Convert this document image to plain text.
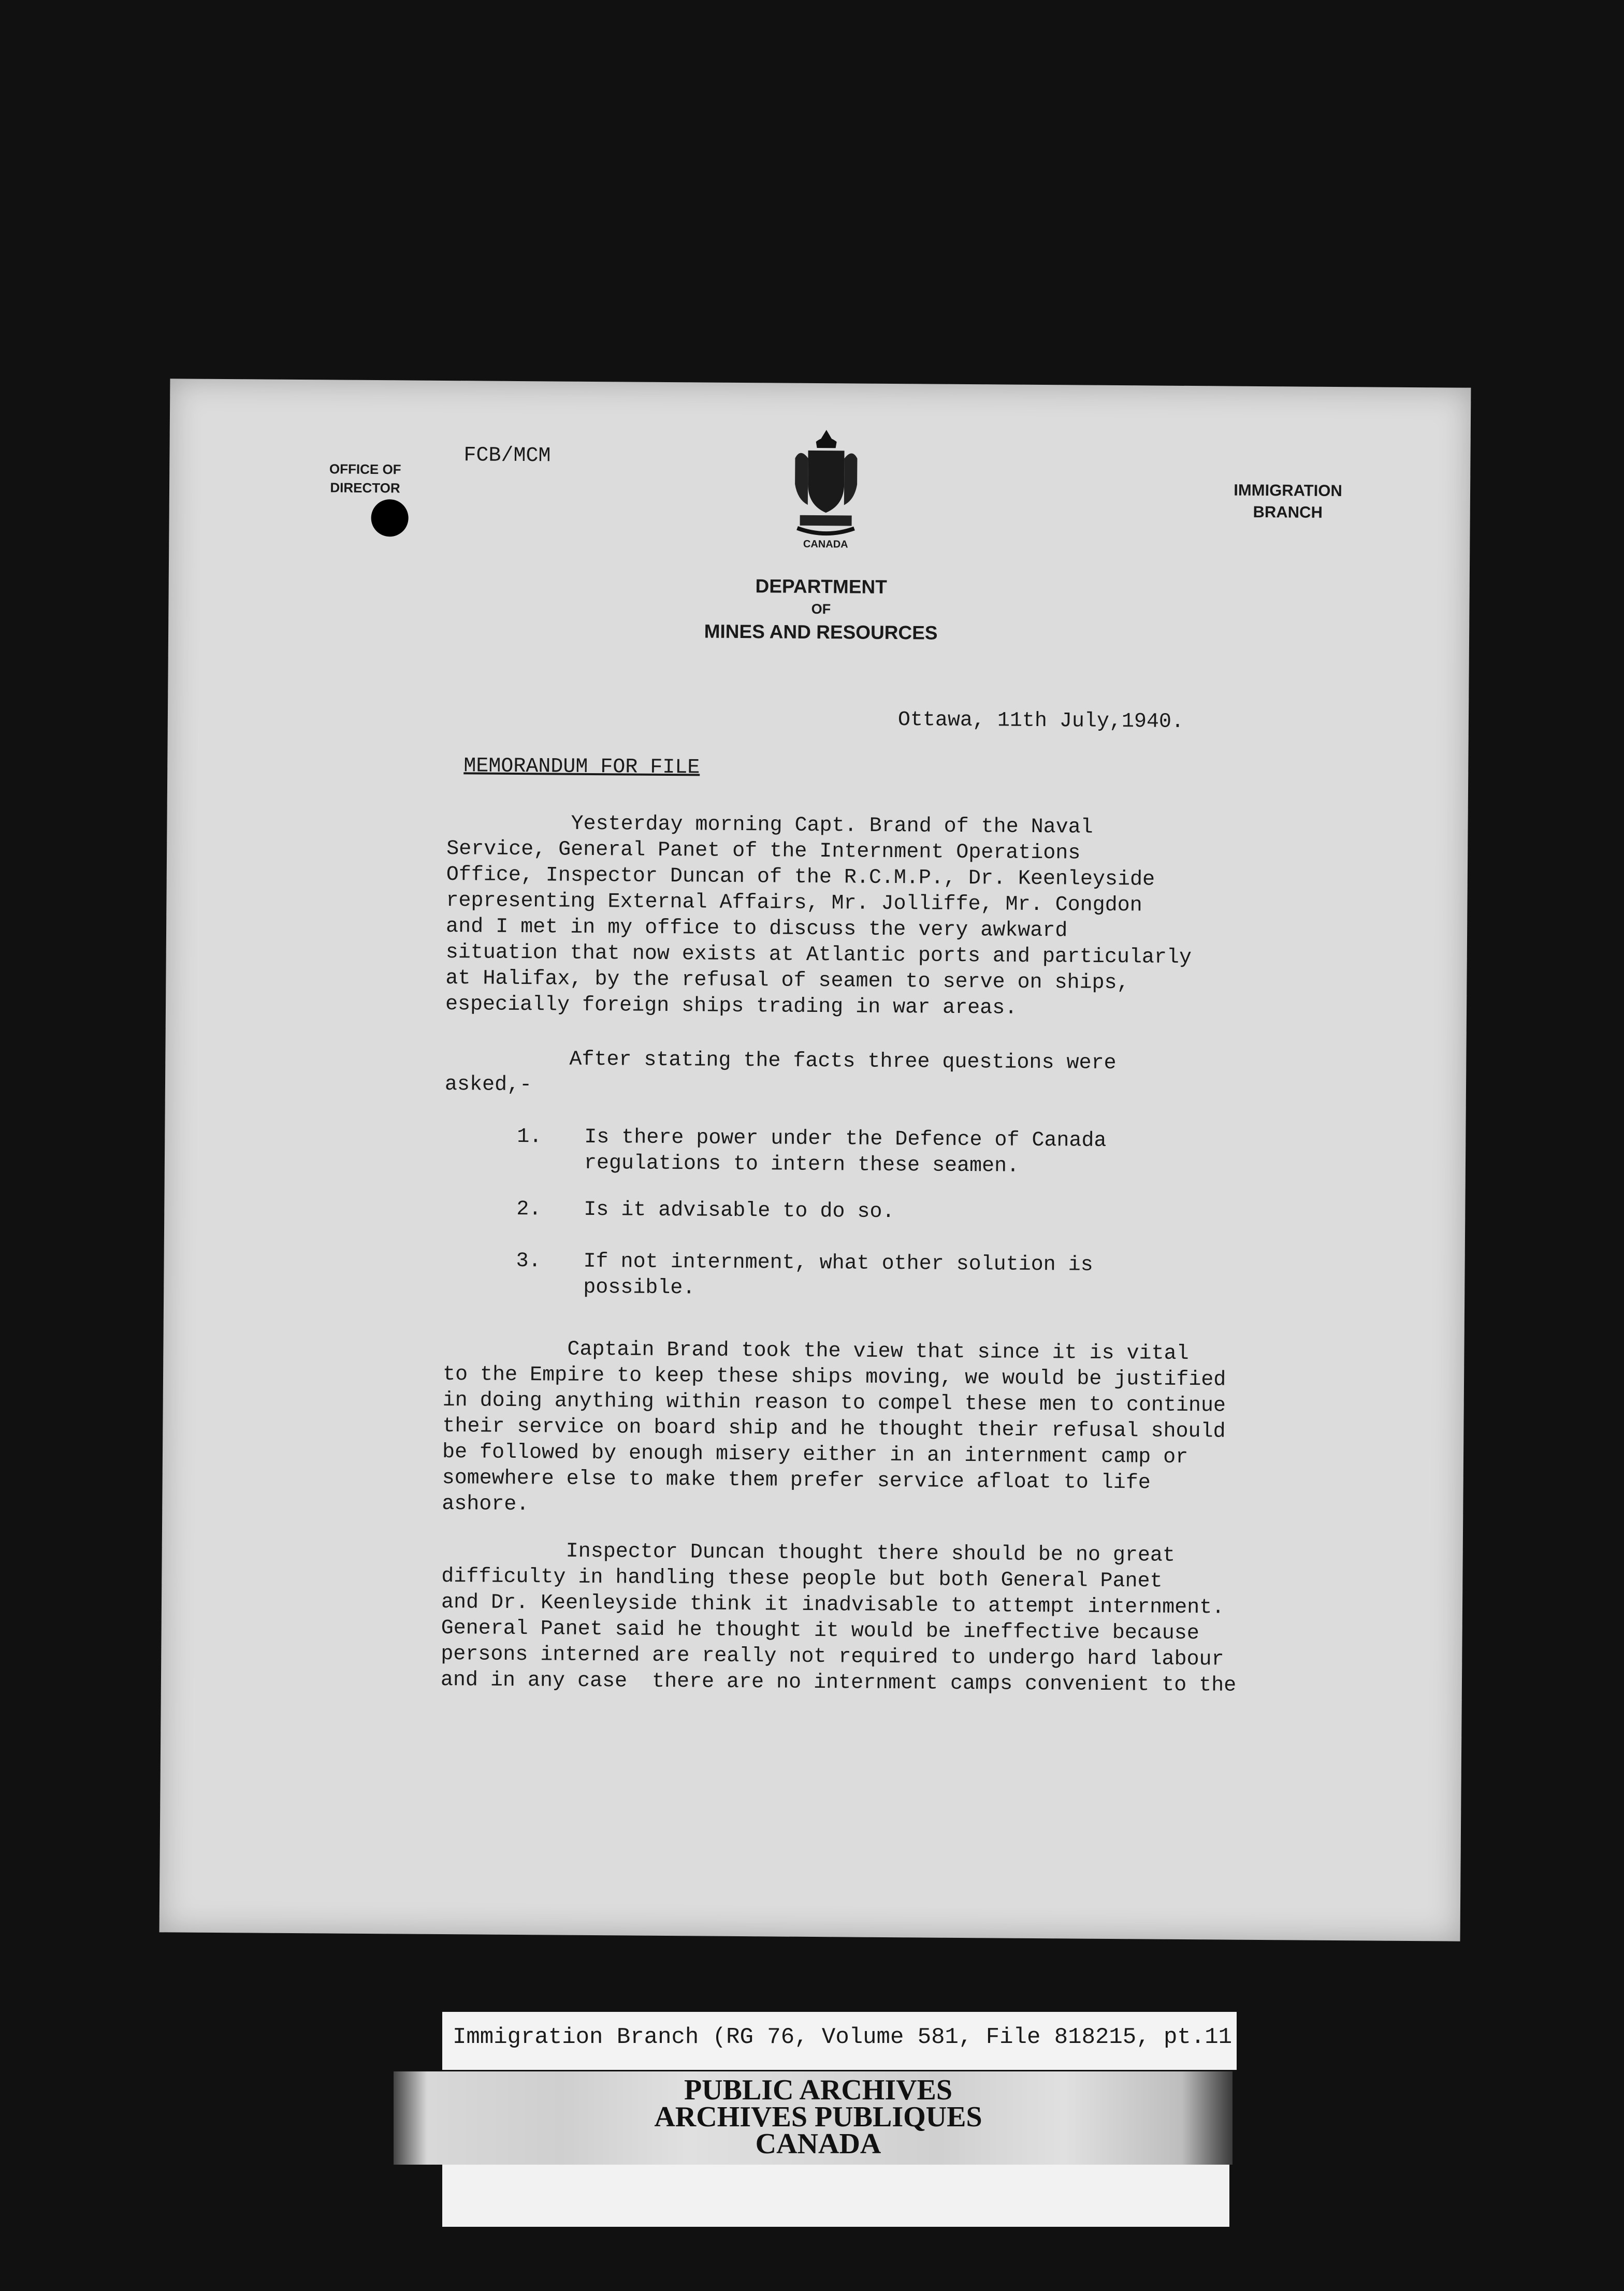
OFFICE OF DIRECTOR
FCB/MCM
CANADA
DEPARTMENT
OF
MINES AND RESOURCES
IMMIGRATION BRANCH
Ottawa, 11th July,1940.
MEMORANDUM FOR FILE
Yesterday morning Capt. Brand of the Naval
Service, General Panet of the Internment Operations
Office, Inspector Duncan of the R.C.M.P., Dr. Keenleyside
representing External Affairs, Mr. Jolliffe, Mr. Congdon
and I met in my office to discuss the very awkward
situation that now exists at Atlantic ports and particularly
at Halifax, by the refusal of seamen to serve on ships,
especially foreign ships trading in war areas.
After stating the facts three questions were
asked,-
1. Is there power under the Defence of Canada
regulations to intern these seamen.
2. Is it advisable to do so.
3. If not internment, what other solution is
possible.
Captain Brand took the view that since it is vital
to the Empire to keep these ships moving, we would be justified
in doing anything within reason to compel these men to continue
their service on board ship and he thought their refusal should
be followed by enough misery either in an internment camp or
somewhere else to make them prefer service afloat to life
ashore.
Inspector Duncan thought there should be no great
difficulty in handling these people but both General Panet
and Dr. Keenleyside think it inadvisable to attempt internment.
General Panet said he thought it would be ineffective because
persons interned are really not required to undergo hard labour
and in any case  there are no internment camps convenient to the
Immigration Branch (RG 76, Volume 581, File 818215, pt.11
PUBLIC ARCHIVES
ARCHIVES PUBLIQUES
CANADA
